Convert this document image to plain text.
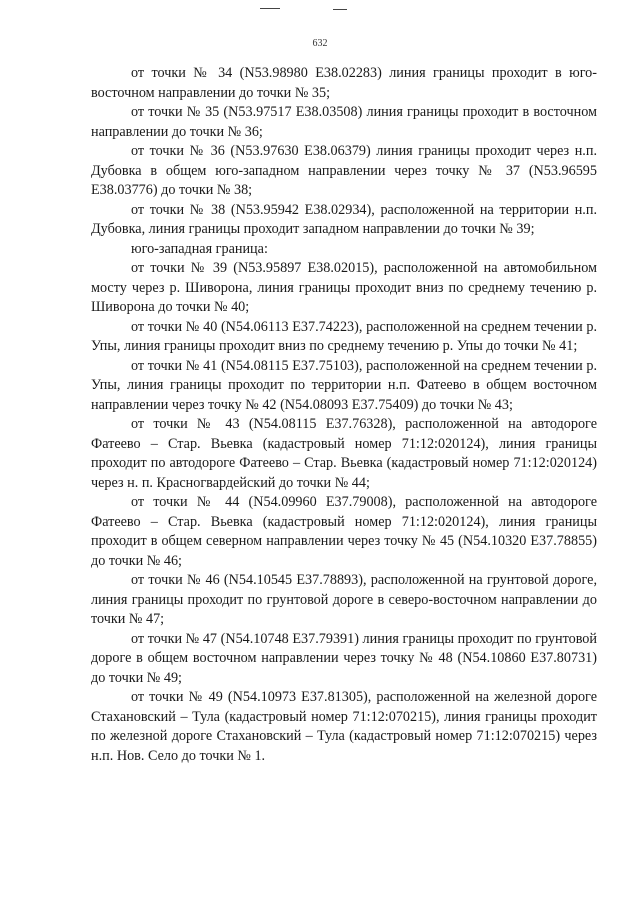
632

от точки № 34 (N53.98980 E38.02283) линия границы проходит в юго-восточном направлении до точки № 35;

от точки № 35 (N53.97517 E38.03508) линия границы проходит в восточном направлении до точки № 36;

от точки № 36 (N53.97630 E38.06379) линия границы проходит через н.п. Дубовка в общем юго-западном направлении через точку № 37 (N53.96595 E38.03776) до точки № 38;

от точки № 38 (N53.95942 E38.02934), расположенной на территории н.п. Дубовка, линия границы проходит западном направлении до точки № 39;

юго-западная граница:

от точки № 39 (N53.95897 E38.02015), расположенной на автомобильном мосту через р. Шиворона, линия границы проходит вниз по среднему течению р. Шиворона до точки № 40;

от точки № 40 (N54.06113 E37.74223), расположенной на среднем течении р. Упы, линия границы проходит вниз по среднему течению р. Упы до точки № 41;

от точки № 41 (N54.08115 E37.75103), расположенной на среднем течении р. Упы, линия границы проходит по территории н.п. Фатеево в общем восточном направлении через точку № 42 (N54.08093 E37.75409) до точки № 43;

от точки № 43 (N54.08115 E37.76328), расположенной на автодороге Фатеево – Стар. Вьевка (кадастровый номер 71:12:020124), линия границы проходит по автодороге Фатеево – Стар. Вьевка (кадастровый номер 71:12:020124) через н. п. Красногвардейский до точки № 44;

от точки № 44 (N54.09960 E37.79008), расположенной на автодороге Фатеево – Стар. Вьевка (кадастровый номер 71:12:020124), линия границы проходит в общем северном направлении через точку № 45 (N54.10320 E37.78855) до точки № 46;

от точки № 46 (N54.10545 E37.78893), расположенной на грунтовой дороге, линия границы проходит по грунтовой дороге в северо-восточном направлении до точки № 47;

от точки № 47 (N54.10748 E37.79391) линия границы проходит по грунтовой дороге в общем восточном направлении через точку № 48 (N54.10860 E37.80731) до точки № 49;

от точки № 49 (N54.10973 E37.81305), расположенной на железной дороге Стахановский – Тула (кадастровый номер 71:12:070215), линия границы проходит по железной дороге Стахановский – Тула (кадастровый номер 71:12:070215) через н.п. Нов. Село до точки № 1.
